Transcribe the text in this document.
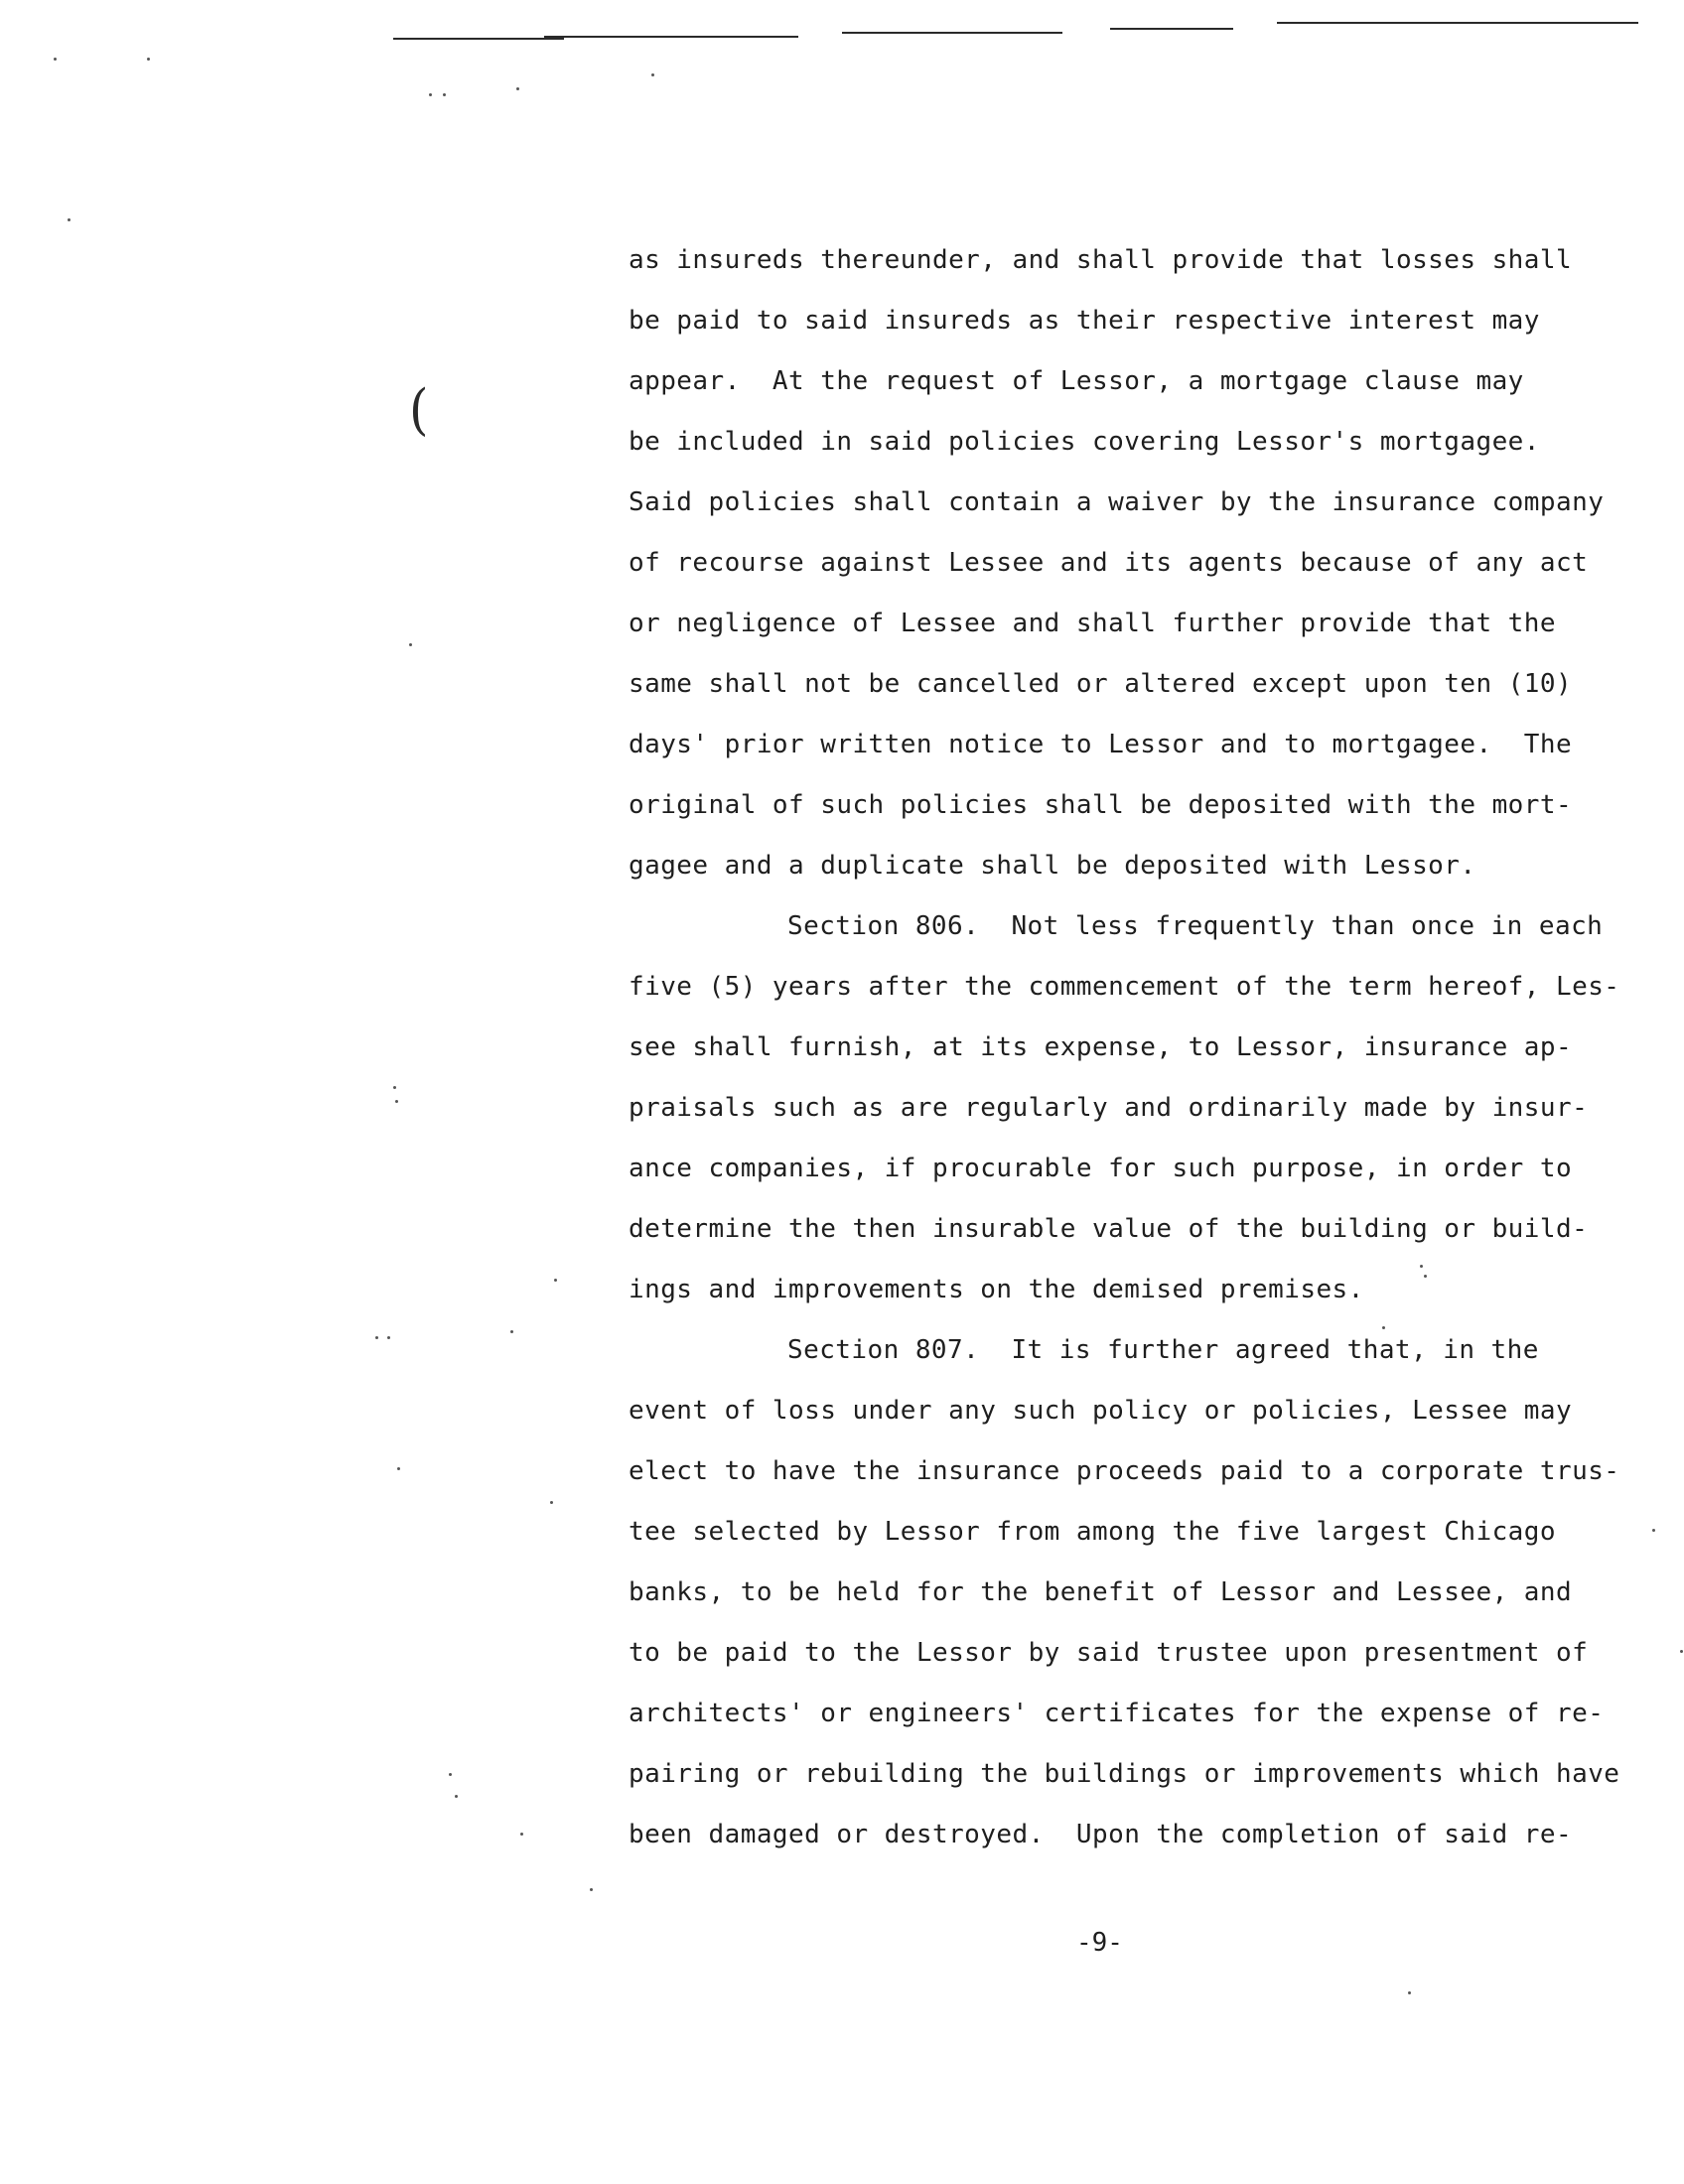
(
as insureds thereunder, and shall provide that losses shall
be paid to said insureds as their respective interest may
appear.  At the request of Lessor, a mortgage clause may
be included in said policies covering Lessor's mortgagee.
Said policies shall contain a waiver by the insurance company
of recourse against Lessee and its agents because of any act
or negligence of Lessee and shall further provide that the
same shall not be cancelled or altered except upon ten (10)
days' prior written notice to Lessor and to mortgagee.  The
original of such policies shall be deposited with the mort-
gagee and a duplicate shall be deposited with Lessor.
Section 806.  Not less frequently than once in each
five (5) years after the commencement of the term hereof, Les-
see shall furnish, at its expense, to Lessor, insurance ap-
praisals such as are regularly and ordinarily made by insur-
ance companies, if procurable for such purpose, in order to
determine the then insurable value of the building or build-
ings and improvements on the demised premises.
Section 807.  It is further agreed that, in the
event of loss under any such policy or policies, Lessee may
elect to have the insurance proceeds paid to a corporate trus-
tee selected by Lessor from among the five largest Chicago
banks, to be held for the benefit of Lessor and Lessee, and
to be paid to the Lessor by said trustee upon presentment of
architects' or engineers' certificates for the expense of re-
pairing or rebuilding the buildings or improvements which have
been damaged or destroyed.  Upon the completion of said re-
-9-
